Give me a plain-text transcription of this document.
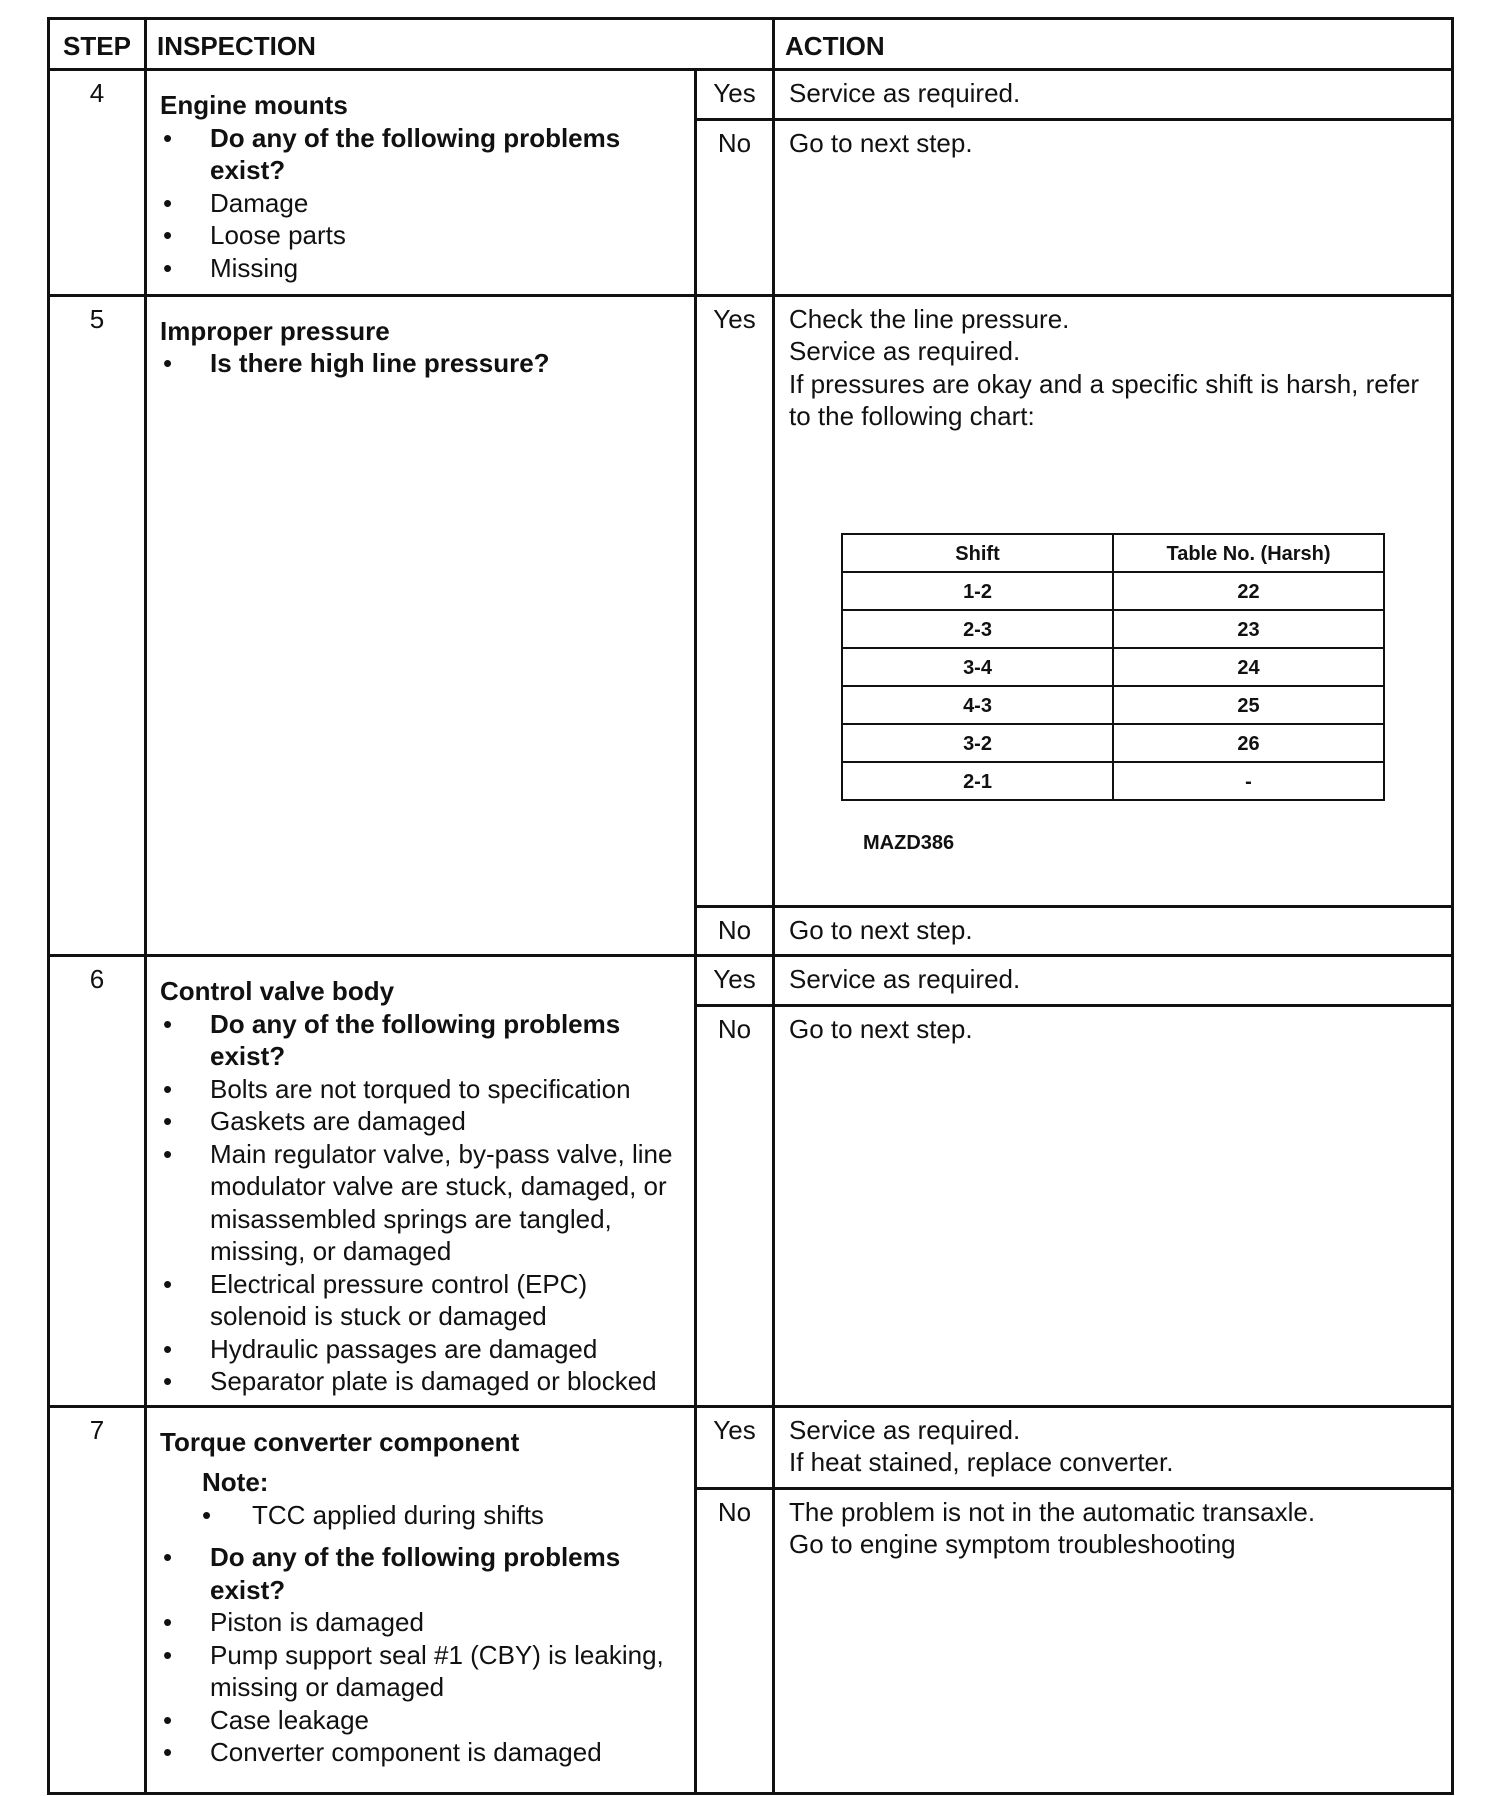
STEP	INSPECTION	ACTION
4	Engine mounts
•	Do any of the following problems exist?
•	Damage
•	Loose parts
•	Missing
	Yes	Service as required.

No	Go to next step.

5	Improper pressure
•	Is there high line pressure?
	Yes	Check the line pressure.
Service as required.
If pressures are okay and a specific shift is harsh, refer to the following chart:
Shift	Table No. (Harsh)
1-2	22
2-3	23
3-4	24
4-3	25
3-2	26
2-1	-
MAZD386

No	Go to next step.

6	Control valve body
•	Do any of the following problems exist?
•	Bolts are not torqued to specification
•	Gaskets are damaged
•	Main regulator valve, by-pass valve, line modulator valve are stuck, damaged, or misassembled springs are tangled, missing, or damaged
•	Electrical pressure control (EPC) solenoid is stuck or damaged
•	Hydraulic passages are damaged
•	Separator plate is damaged or blocked
	Yes	Service as required.

No	Go to next step.

7	Torque converter component
Note:
•	TCC applied during shifts
•	Do any of the following problems exist?
•	Piston is damaged
•	Pump support seal #1 (CBY) is leaking, missing or damaged
•	Case leakage
•	Converter component is damaged
	Yes	Service as required.
If heat stained, replace converter.

No	The problem is not in the automatic transaxle.
Go to engine symptom troubleshooting
